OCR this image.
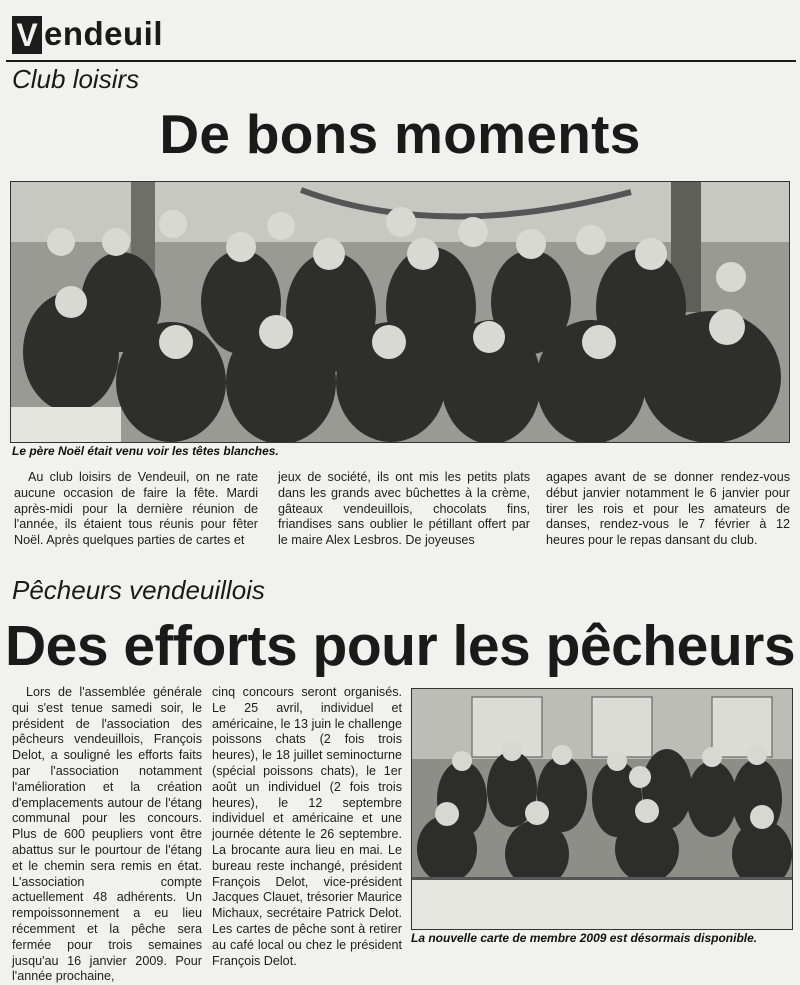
V endeuil
Club loisirs
De bons moments
Le père Noël était venu voir les têtes blanches.

Au club loisirs de Vendeuil, on ne rate aucune occasion de faire la fête. Mardi après-midi pour la dernière réunion de l'année, ils étaient tous réunis pour fêter Noël. Après quelques parties de cartes et

jeux de société, ils ont mis les petits plats dans les grands avec bûchettes à la crème, gâteaux vendeuillois, chocolats fins, friandises sans oublier le pétillant offert par le maire Alex Lesbros. De joyeuses

agapes avant de se donner rendez-vous début janvier notamment le 6 janvier pour tirer les rois et pour les amateurs de danses, rendez-vous le 7 février à 12 heures pour le repas dansant du club.

Pêcheurs vendeuillois
Des efforts pour les pêcheurs

Lors de l'assemblée générale qui s'est tenue samedi soir, le président de l'association des pêcheurs vendeuillois, François Delot, a souligné les efforts faits par l'association notamment l'amélioration et la création d'emplacements autour de l'étang communal pour les concours. Plus de 600 peupliers vont être abattus sur le pourtour de l'étang et le chemin sera remis en état. L'association compte actuellement 48 adhérents. Un rempoissonnement a eu lieu récemment et la pêche sera fermée pour trois semaines jusqu'au 16 janvier 2009. Pour l'année prochaine,

cinq concours seront organisés. Le 25 avril, individuel et américaine, le 13 juin le challenge poissons chats (2 fois trois heures), le 18 juillet seminocturne (spécial poissons chats), le 1er août un individuel (2 fois trois heures), le 12 septembre individuel et américaine et une journée détente le 26 septembre. La brocante aura lieu en mai. Le bureau reste inchangé, président François Delot, vice-président Jacques Clauet, trésorier Maurice Michaux, secrétaire Patrick Delot. Les cartes de pêche sont à retirer au café local ou chez le président François Delot.

La nouvelle carte de membre 2009 est désormais disponible.
